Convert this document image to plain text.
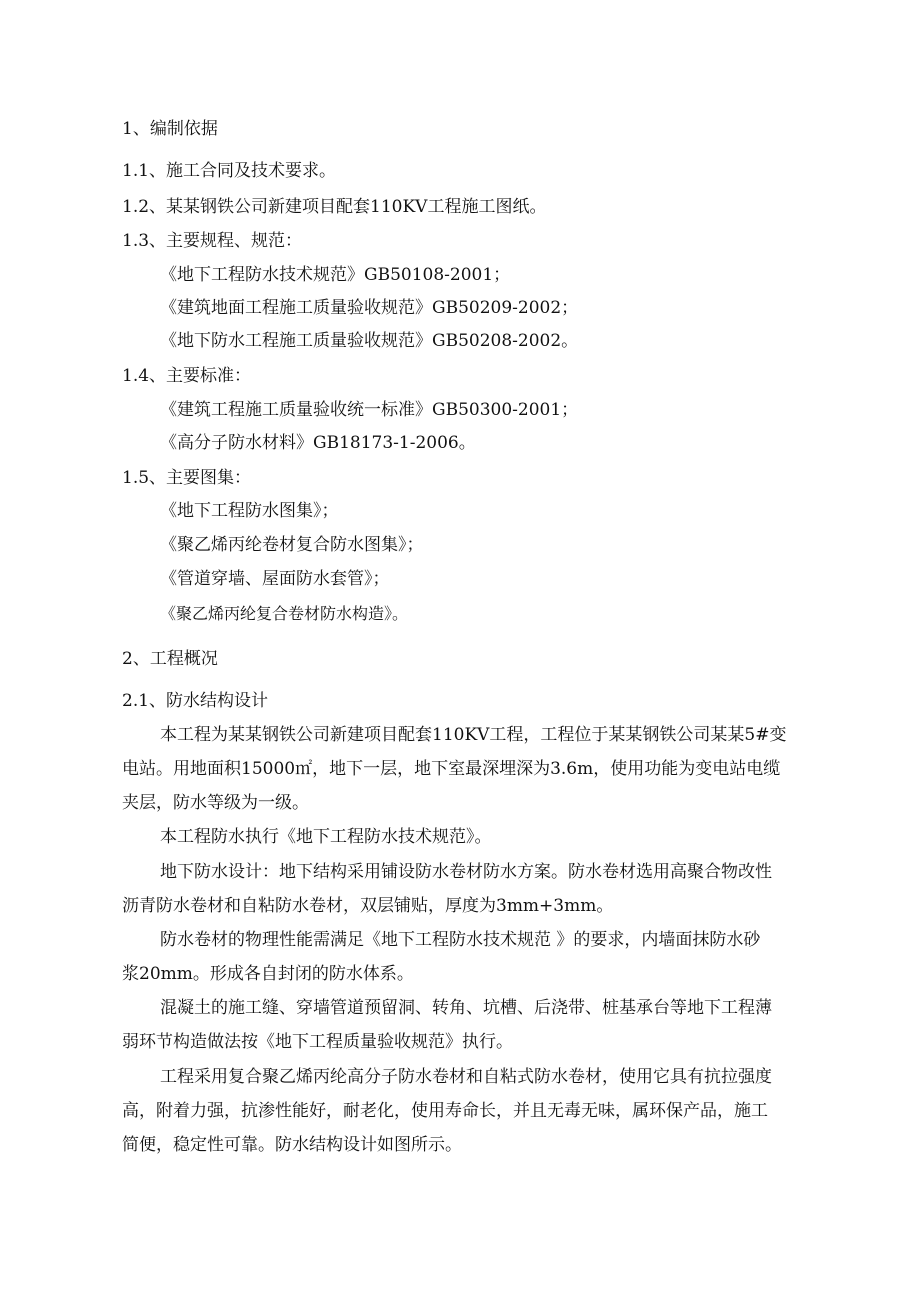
1、编制依据
1.1、施工合同及技术要求。
1.2、某某钢铁公司新建项目配套110KV工程施工图纸。
1.3、主要规程、规范：
《地下工程防水技术规范》GB50108-2001；
《建筑地面工程施工质量验收规范》GB50209-2002；
《地下防水工程施工质量验收规范》GB50208-2002。
1.4、主要标准：
《建筑工程施工质量验收统一标准》GB50300-2001；
《高分子防水材料》GB18173-1-2006。
1.5、主要图集：
《地下工程防水图集》；
《聚乙烯丙纶卷材复合防水图集》；
《管道穿墙、屋面防水套管》；
《聚乙烯丙纶复合卷材防水构造》。
2、工程概况
2.1、防水结构设计
本工程为某某钢铁公司新建项目配套110KV工程，工程位于某某钢铁公司某某5#变
电站。用地面积15000㎡，地下一层，地下室最深埋深为3.6m，使用功能为变电站电缆
夹层，防水等级为一级。
本工程防水执行《地下工程防水技术规范》。
地下防水设计：地下结构采用铺设防水卷材防水方案。防水卷材选用高聚合物改性
沥青防水卷材和自粘防水卷材，双层铺贴，厚度为3mm+3mm。
防水卷材的物理性能需满足《地下工程防水技术规范 》的要求，内墙面抹防水砂
浆20mm。形成各自封闭的防水体系。
混凝土的施工缝、穿墙管道预留洞、转角、坑槽、后浇带、桩基承台等地下工程薄
弱环节构造做法按《地下工程质量验收规范》执行。
工程采用复合聚乙烯丙纶高分子防水卷材和自粘式防水卷材，使用它具有抗拉强度
高，附着力强，抗渗性能好，耐老化，使用寿命长，并且无毒无味，属环保产品，施工
简便，稳定性可靠。防水结构设计如图所示。
